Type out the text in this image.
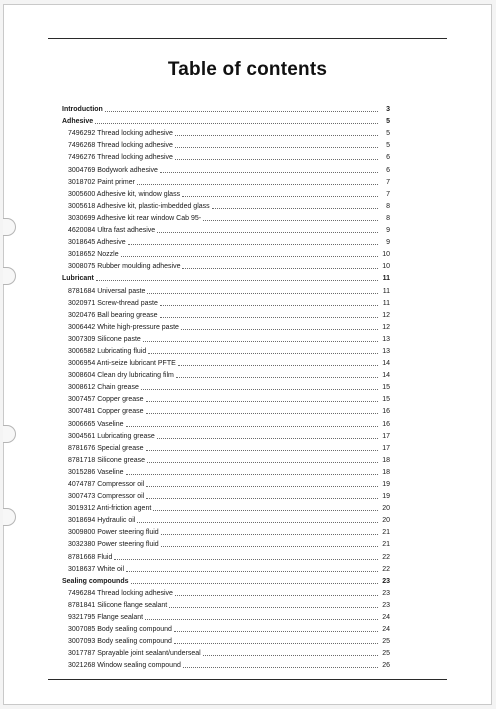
Table of contents
Introduction	3
Adhesive	5
7496292 Thread locking adhesive	5
7496268 Thread locking adhesive	5
7496276 Thread locking adhesive	6
3004769 Bodywork adhesive	6
3018702 Paint primer	7
3005600 Adhesive kit, window glass	7
3005618 Adhesive kit, plastic-imbedded glass	8
3030699 Adhesive kit rear window Cab 95-	8
4620084 Ultra fast adhesive	9
3018645 Adhesive	9
3018652 Nozzle	10
3008075 Rubber moulding adhesive	10
Lubricant	11
8781684 Universal paste	11
3020971 Screw-thread paste	11
3020476 Ball bearing grease	12
3006442 White high-pressure paste	12
3007309 Silicone paste	13
3006582 Lubricating fluid	13
3006954 Anti-seize lubricant PFTE	14
3008604 Clean dry lubricating film	14
3008612 Chain grease	15
3007457 Copper grease	15
3007481 Copper grease	16
3006665 Vaseline	16
3004561 Lubricating grease	17
8781676 Special grease	17
8781718 Silicone grease	18
3015286 Vaseline	18
4074787 Compressor oil	19
3007473 Compressor oil	19
3019312 Anti-friction agent	20
3018694 Hydraulic oil	20
3009800 Power steering fluid	21
3032380 Power steering fluid	21
8781668 Fluid	22
3018637 White oil	22
Sealing compounds	23
7496284 Thread locking adhesive	23
8781841 Silicone flange sealant	23
9321795 Flange sealant	24
3007085 Body sealing compound	24
3007093 Body sealing compound	25
3017787 Sprayable joint sealant/underseal	25
3021268 Window sealing compound	26
